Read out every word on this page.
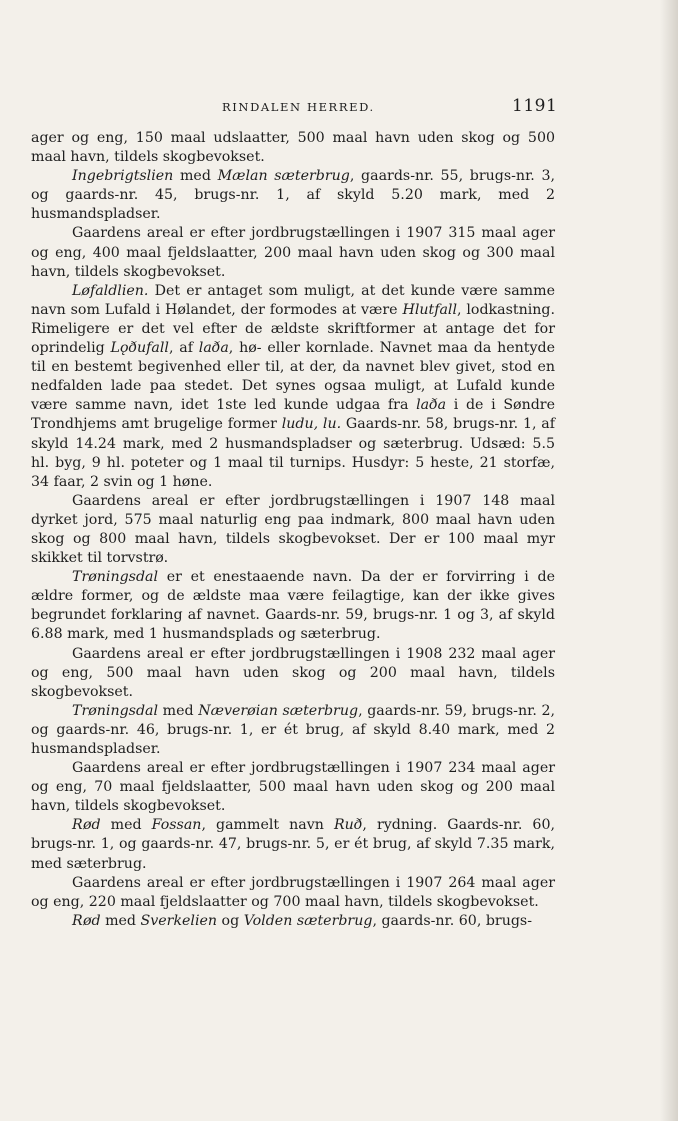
RINDALEN HERRED.	1191

ager og eng, 150 maal udslaatter, 500 maal havn uden skog og 500 maal havn, tildels skogbevokset.

Ingebrigtslien med Mælan sæterbrug, gaards-nr. 55, brugs-nr. 3, og gaards-nr. 45, brugs-nr. 1, af skyld 5.20 mark, med 2 husmandspladser.

Gaardens areal er efter jordbrugstællingen i 1907 315 maal ager og eng, 400 maal fjeldslaatter, 200 maal havn uden skog og 300 maal havn, tildels skogbevokset.

Løfaldlien. Det er antaget som muligt, at det kunde være samme navn som Lufald i Hølandet, der formodes at være Hlutfall, lodkastning. Rimeligere er det vel efter de ældste skriftformer at antage det for oprindelig Lǫðufall, af laða, hø- eller kornlade. Navnet maa da hentyde til en bestemt begivenhed eller til, at der, da navnet blev givet, stod en nedfalden lade paa stedet. Det synes ogsaa muligt, at Lufald kunde være samme navn, idet 1ste led kunde udgaa fra laða i de i Søndre Trondhjems amt brugelige former ludu, lu. Gaards-nr. 58, brugs-nr. 1, af skyld 14.24 mark, med 2 husmandspladser og sæterbrug. Udsæd: 5.5 hl. byg, 9 hl. poteter og 1 maal til turnips. Husdyr: 5 heste, 21 storfæ, 34 faar, 2 svin og 1 høne.

Gaardens areal er efter jordbrugstællingen i 1907 148 maal dyrket jord, 575 maal naturlig eng paa indmark, 800 maal havn uden skog og 800 maal havn, tildels skogbevokset. Der er 100 maal myr skikket til torvstrø.

Trøningsdal er et enestaaende navn. Da der er forvirring i de ældre former, og de ældste maa være feilagtige, kan der ikke gives begrundet forklaring af navnet. Gaards-nr. 59, brugs-nr. 1 og 3, af skyld 6.88 mark, med 1 husmandsplads og sæterbrug.

Gaardens areal er efter jordbrugstællingen i 1908 232 maal ager og eng, 500 maal havn uden skog og 200 maal havn, tildels skogbevokset.

Trøningsdal med Næverøian sæterbrug, gaards-nr. 59, brugs-nr. 2, og gaards-nr. 46, brugs-nr. 1, er ét brug, af skyld 8.40 mark, med 2 husmandspladser.

Gaardens areal er efter jordbrugstællingen i 1907 234 maal ager og eng, 70 maal fjeldslaatter, 500 maal havn uden skog og 200 maal havn, tildels skogbevokset.

Rød med Fossan, gammelt navn Ruð, rydning. Gaards-nr. 60, brugs-nr. 1, og gaards-nr. 47, brugs-nr. 5, er ét brug, af skyld 7.35 mark, med sæterbrug.

Gaardens areal er efter jordbrugstællingen i 1907 264 maal ager og eng, 220 maal fjeldslaatter og 700 maal havn, tildels skogbevokset.

Rød med Sverkelien og Volden sæterbrug, gaards-nr. 60, brugs-
